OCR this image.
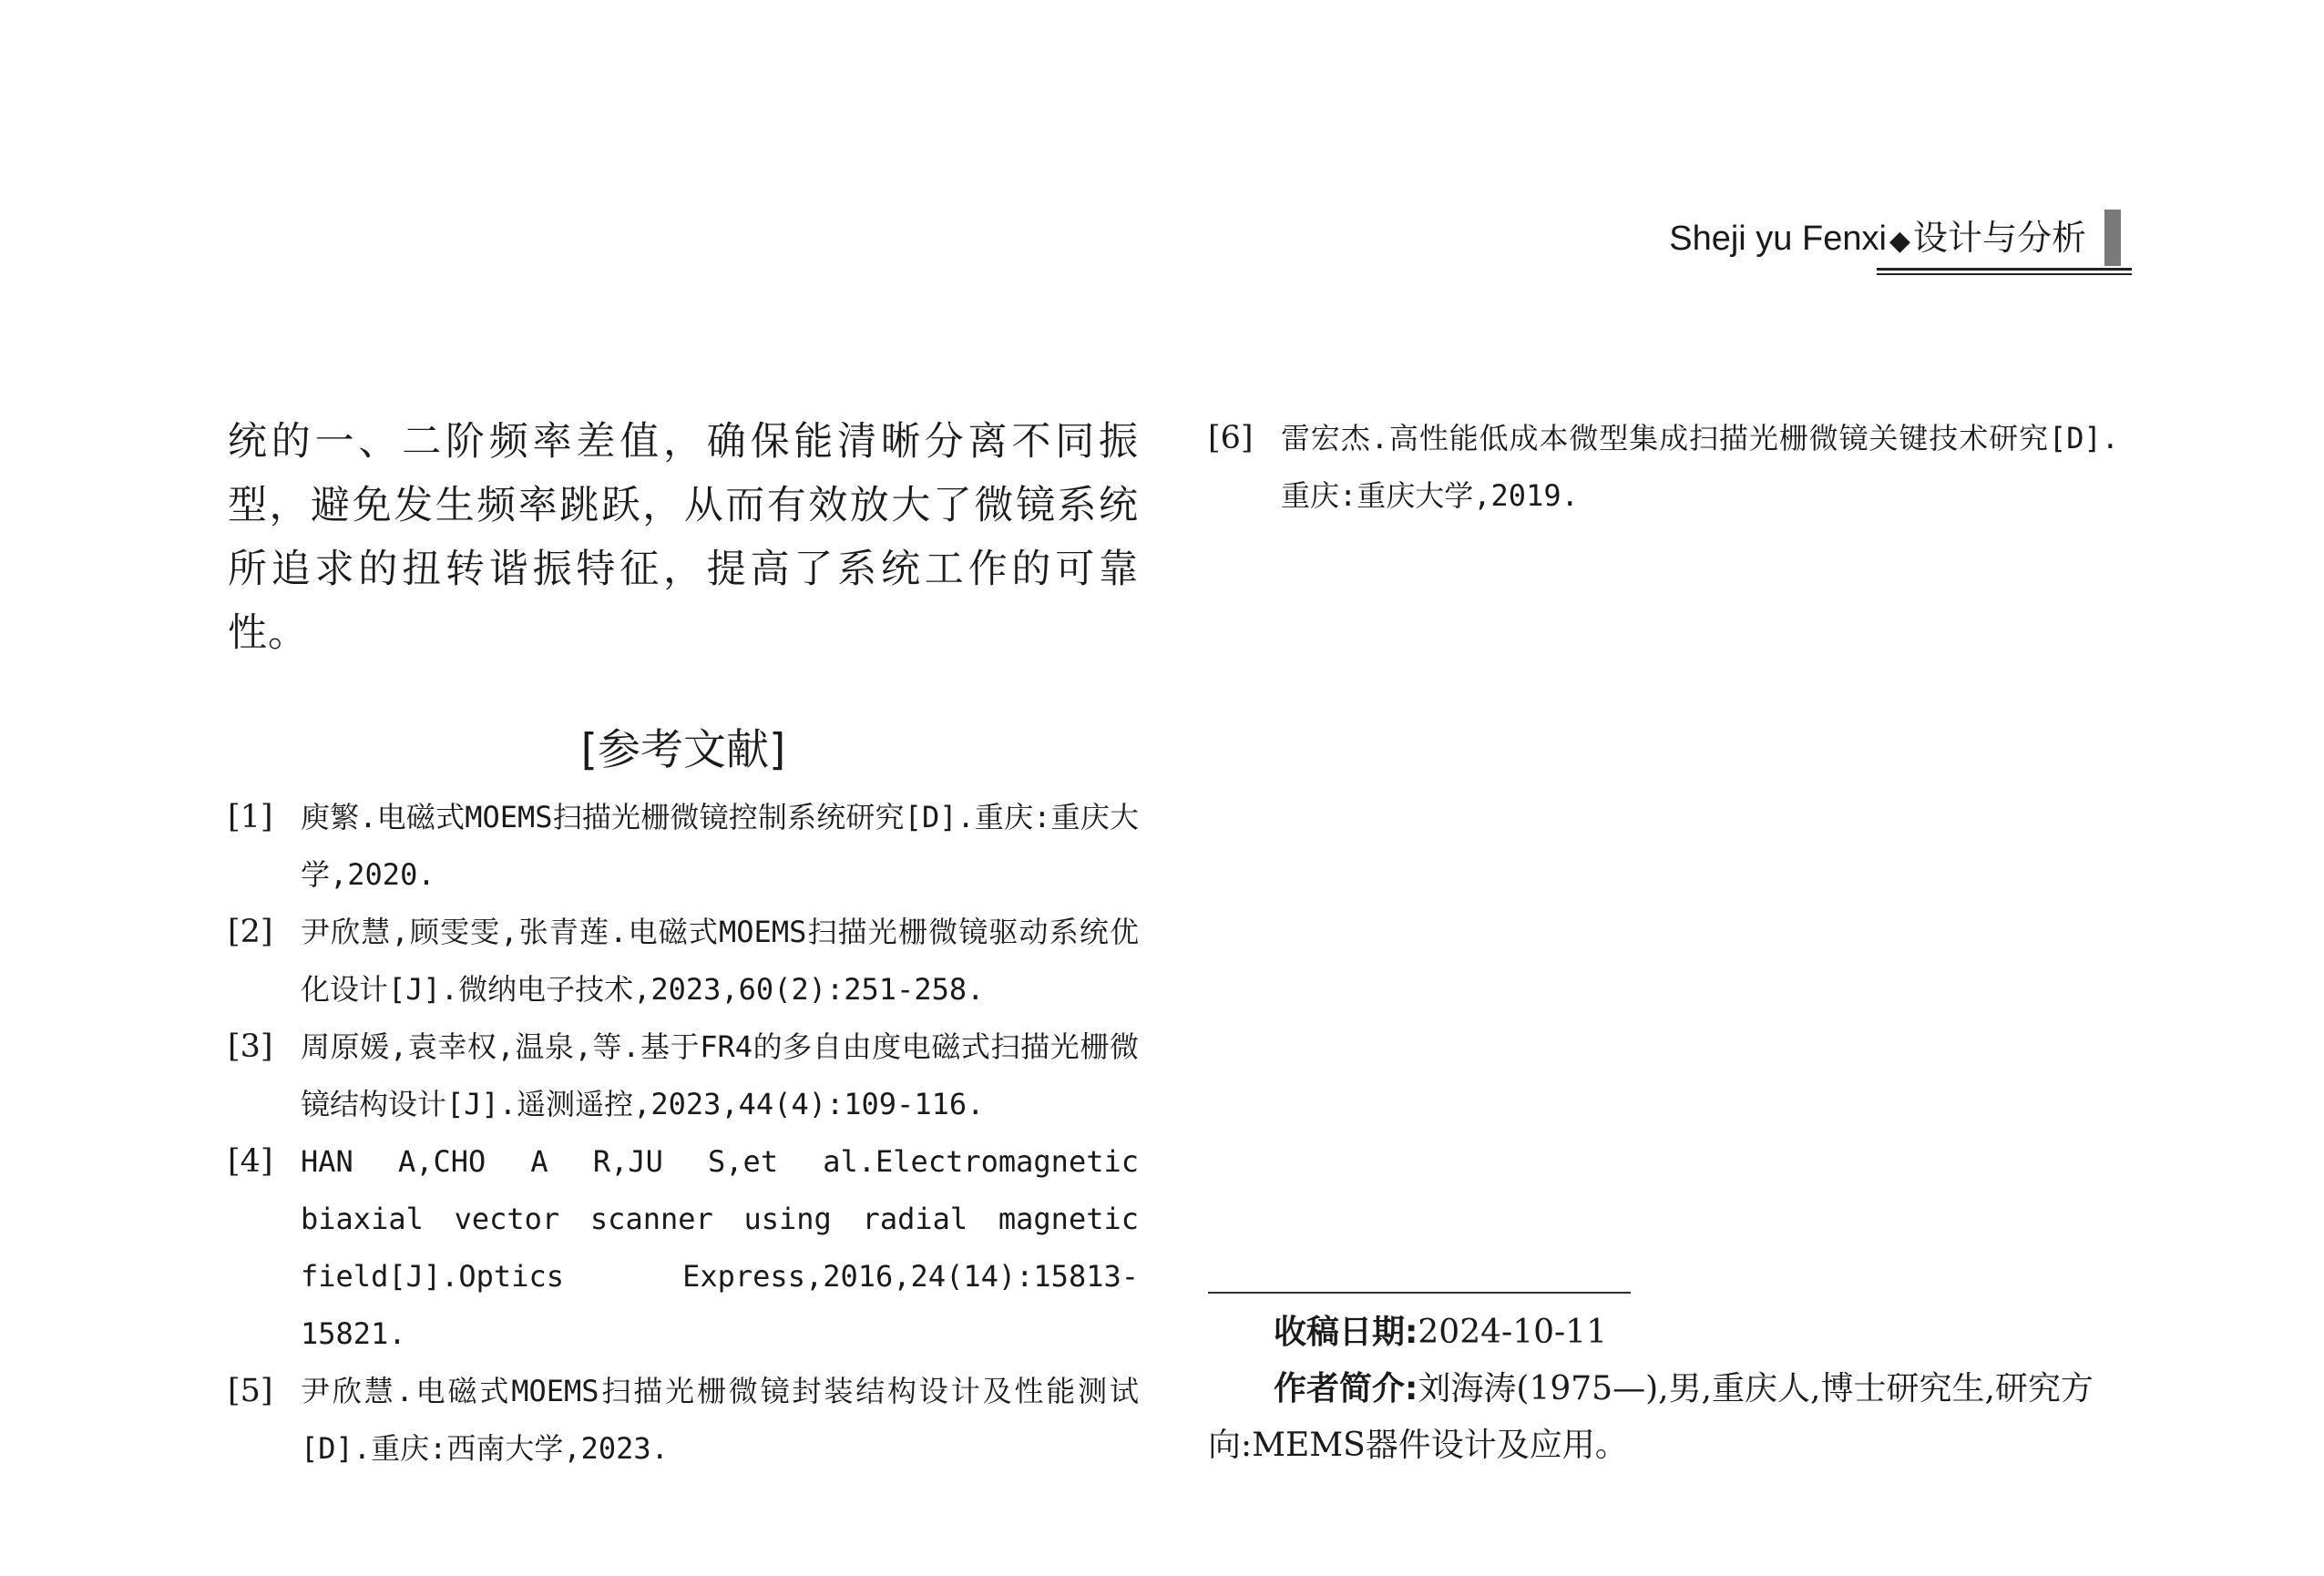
Sheji yu Fenxi ◆设计与分析

统的一、二阶频率差值，确保能清晰分离不同振型，避免发生频率跳跃，从而有效放大了微镜系统所追求的扭转谐振特征，提高了系统工作的可靠性。

[参考文献]
[1] 庾繁.电磁式MOEMS扫描光栅微镜控制系统研究[D].重庆:重庆大学,2020.
[2] 尹欣慧,顾雯雯,张青莲.电磁式MOEMS扫描光栅微镜驱动系统优化设计[J].微纳电子技术,2023,60(2):251-258.
[3] 周原媛,袁幸权,温泉,等.基于FR4的多自由度电磁式扫描光栅微镜结构设计[J].遥测遥控,2023,44(4):109-116.
[4] HAN A,CHO A R,JU S,et al.Electromagnetic biaxial vector scanner using radial magnetic field[J].Optics Express,2016,24(14):15813-15821.
[5] 尹欣慧.电磁式MOEMS扫描光栅微镜封装结构设计及性能测试[D].重庆:西南大学,2023.
[6] 雷宏杰.高性能低成本微型集成扫描光栅微镜关键技术研究[D].重庆:重庆大学,2019.

收稿日期:2024-10-11

作者简介:刘海涛(1975—),男,重庆人,博士研究生,研究方向:MEMS器件设计及应用。
